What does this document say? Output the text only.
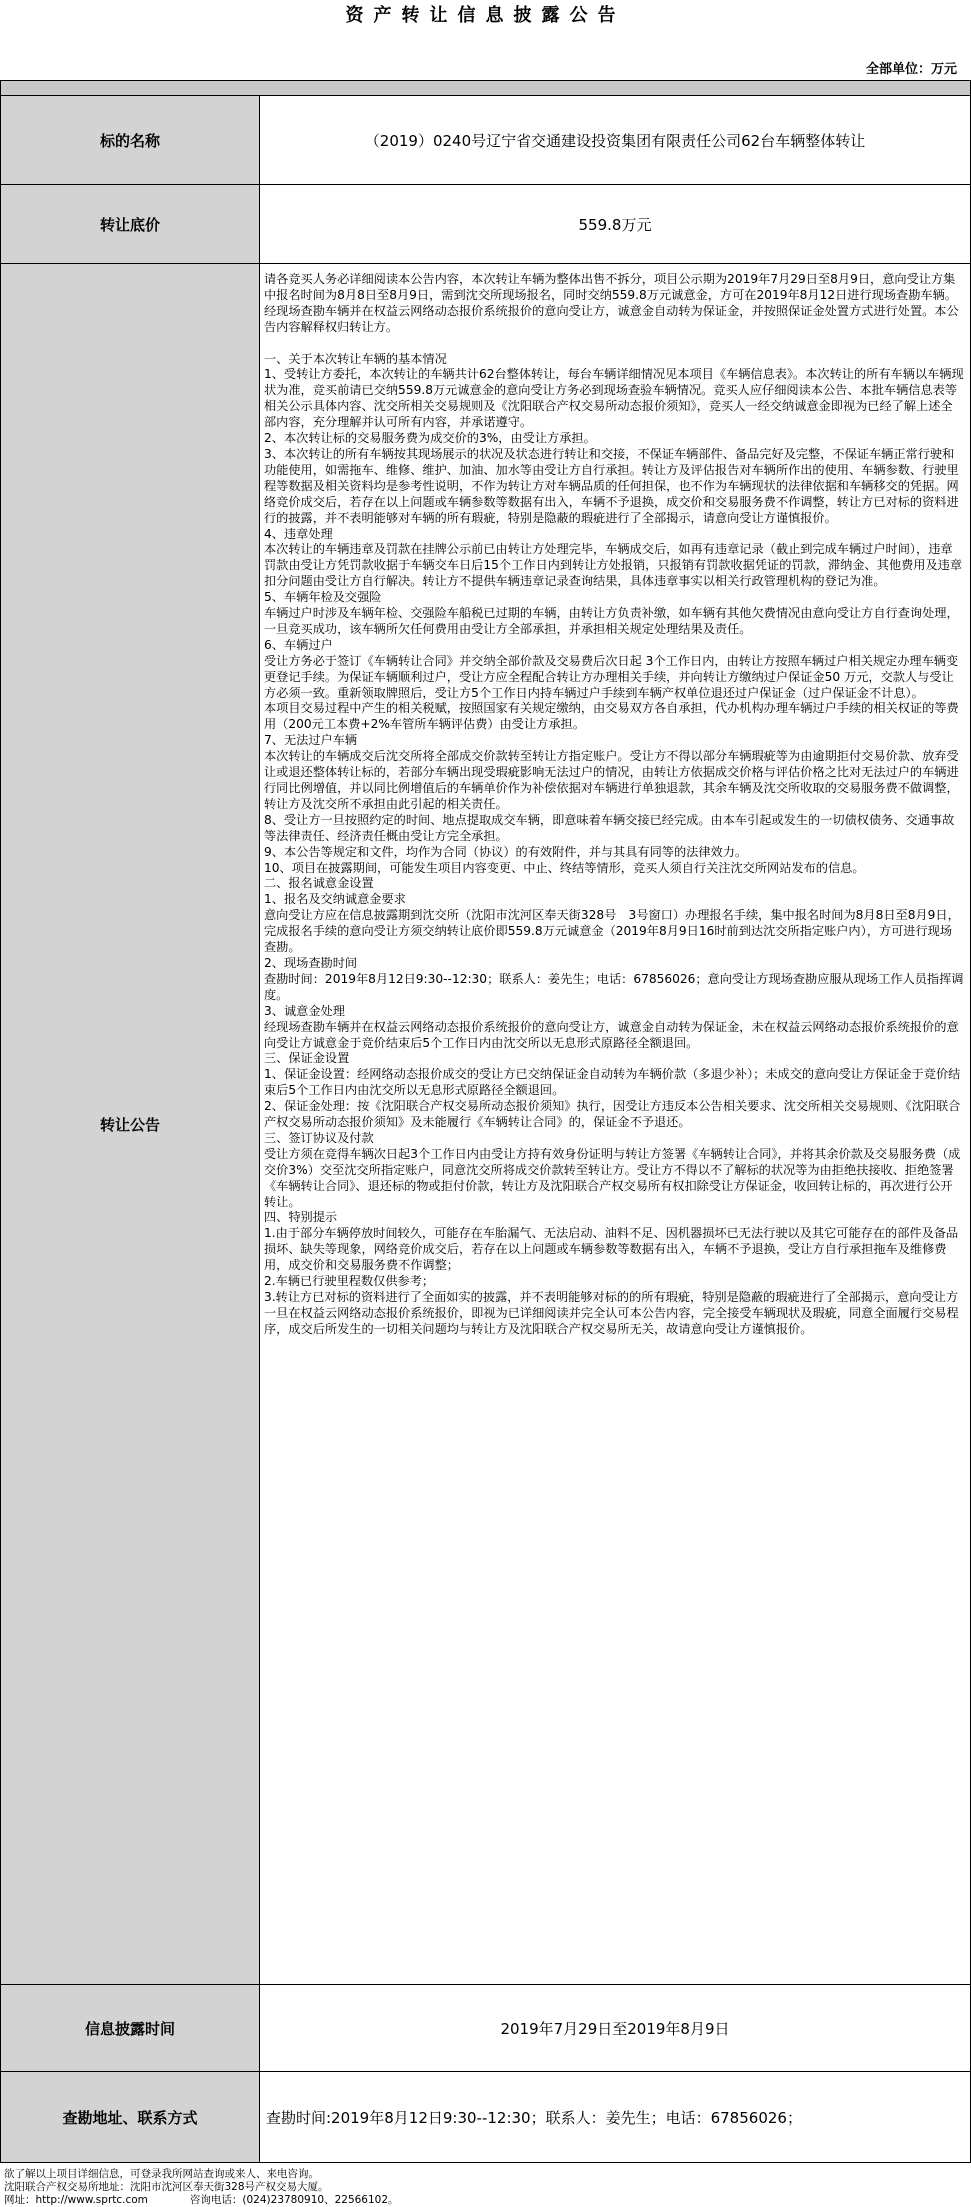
资产转让信息披露公告
全部单位：万元
标的名称	（2019）0240号辽宁省交通建设投资集团有限责任公司62台车辆整体转让
转让底价	559.8万元
转让公告

请各竞买人务必详细阅读本公告内容，本次转让车辆为整体出售不拆分，项目公示期为2019年7月29日至8月9日，意向受让方集中报名时间为8月8日至8月9日，需到沈交所现场报名，同时交纳559.8万元诚意金，方可在2019年8月12日进行现场查勘车辆。经现场查勘车辆并在权益云网络动态报价系统报价的意向受让方，诚意金自动转为保证金，并按照保证金处置方式进行处置。本公告内容解释权归转让方。

一、关于本次转让车辆的基本情况

1、受转让方委托，本次转让的车辆共计62台整体转让，每台车辆详细情况见本项目《车辆信息表》。本次转让的所有车辆以车辆现状为准，竞买前请已交纳559.8万元诚意金的意向受让方务必到现场查验车辆情况。竞买人应仔细阅读本公告、本批车辆信息表等相关公示具体内容、沈交所相关交易规则及《沈阳联合产权交易所动态报价须知》，竞买人一经交纳诚意金即视为已经了解上述全部内容，充分理解并认可所有内容，并承诺遵守。

2、本次转让标的交易服务费为成交价的3%，由受让方承担。

3、本次转让的所有车辆按其现场展示的状况及状态进行转让和交接，不保证车辆部件、备品完好及完整，不保证车辆正常行驶和功能使用，如需拖车、维修、维护、加油、加水等由受让方自行承担。转让方及评估报告对车辆所作出的使用、车辆参数、行驶里程等数据及相关资料均是参考性说明，不作为转让方对车辆品质的任何担保，也不作为车辆现状的法律依据和车辆移交的凭据。网络竞价成交后，若存在以上问题或车辆参数等数据有出入，车辆不予退换，成交价和交易服务费不作调整，转让方已对标的资料进行的披露，并不表明能够对车辆的所有瑕疵，特别是隐蔽的瑕疵进行了全部揭示，请意向受让方谨慎报价。

4、违章处理

本次转让的车辆违章及罚款在挂牌公示前已由转让方处理完毕，车辆成交后，如再有违章记录（截止到完成车辆过户时间），违章罚款由受让方凭罚款收据于车辆交车日后15个工作日内到转让方处报销，只报销有罚款收据凭证的罚款，滞纳金、其他费用及违章扣分问题由受让方自行解决。转让方不提供车辆违章记录查询结果，具体违章事实以相关行政管理机构的登记为准。

5、车辆年检及交强险

车辆过户时涉及车辆年检、交强险车船税已过期的车辆，由转让方负责补缴，如车辆有其他欠费情况由意向受让方自行查询处理，一旦竞买成功，该车辆所欠任何费用由受让方全部承担，并承担相关规定处理结果及责任。

6、车辆过户

受让方务必于签订《车辆转让合同》并交纳全部价款及交易费后次日起 3个工作日内，由转让方按照车辆过户相关规定办理车辆变更登记手续。为保证车辆顺利过户，受让方应全程配合转让方办理相关手续，并向转让方缴纳过户保证金50 万元，交款人与受让方必须一致。重新领取牌照后，受让方5个工作日内持车辆过户手续到车辆产权单位退还过户保证金（过户保证金不计息）。

本项目交易过程中产生的相关税赋，按照国家有关规定缴纳，由交易双方各自承担，代办机构办理车辆过户手续的相关权证的等费用（200元工本费+2%车管所车辆评估费）由受让方承担。

7、无法过户车辆

本次转让的车辆成交后沈交所将全部成交价款转至转让方指定账户。受让方不得以部分车辆瑕疵等为由逾期拒付交易价款、放弃受让或退还整体转让标的，若部分车辆出现受瑕疵影响无法过户的情况，由转让方依据成交价格与评估价格之比对无法过户的车辆进行同比例增值，并以同比例增值后的车辆单价作为补偿依据对车辆进行单独退款，其余车辆及沈交所收取的交易服务费不做调整，转让方及沈交所不承担由此引起的相关责任。

8、受让方一旦按照约定的时间、地点提取成交车辆，即意味着车辆交接已经完成。由本车引起或发生的一切债权债务、交通事故等法律责任、经济责任概由受让方完全承担。

9、本公告等规定和文件，均作为合同（协议）的有效附件，并与其具有同等的法律效力。

10、项目在披露期间，可能发生项目内容变更、中止、终结等情形，竞买人须自行关注沈交所网站发布的信息。

二、报名诚意金设置

1、报名及交纳诚意金要求

意向受让方应在信息披露期到沈交所（沈阳市沈河区奉天街328号　3号窗口）办理报名手续，集中报名时间为8月8日至8月9日，完成报名手续的意向受让方须交纳转让底价即559.8万元诚意金（2019年8月9日16时前到达沈交所指定账户内），方可进行现场查勘。

2、现场查勘时间

查勘时间：2019年8月12日9:30--12:30；联系人：姜先生；电话：67856026；意向受让方现场查勘应服从现场工作人员指挥调度。

3、诚意金处理

经现场查勘车辆并在权益云网络动态报价系统报价的意向受让方，诚意金自动转为保证金，未在权益云网络动态报价系统报价的意向受让方诚意金于竞价结束后5个工作日内由沈交所以无息形式原路径全额退回。

三、保证金设置

1、保证金设置：经网络动态报价成交的受让方已交纳保证金自动转为车辆价款（多退少补）；未成交的意向受让方保证金于竞价结束后5个工作日内由沈交所以无息形式原路径全额退回。

2、保证金处理：按《沈阳联合产权交易所动态报价须知》执行，因受让方违反本公告相关要求、沈交所相关交易规则、《沈阳联合产权交易所动态报价须知》及未能履行《车辆转让合同》的，保证金不予退还。

三、签订协议及付款

受让方须在竞得车辆次日起3个工作日内由受让方持有效身份证明与转让方签署《车辆转让合同》，并将其余价款及交易服务费（成交价3%）交至沈交所指定账户，同意沈交所将成交价款转至转让方。受让方不得以不了解标的状况等为由拒绝扶接收、拒绝签署《车辆转让合同》、退还标的物或拒付价款，转让方及沈阳联合产权交易所有权扣除受让方保证金，收回转让标的，再次进行公开转让。

四、特别提示

1.由于部分车辆停放时间较久，可能存在车胎漏气、无法启动、油料不足、因机器损坏已无法行驶以及其它可能存在的部件及备品损坏、缺失等现象，网络竞价成交后，若存在以上问题或车辆参数等数据有出入，车辆不予退换，受让方自行承担拖车及维修费用，成交价和交易服务费不作调整；

2.车辆已行驶里程数仅供参考；

3.转让方已对标的资料进行了全面如实的披露，并不表明能够对标的的所有瑕疵，特别是隐蔽的瑕疵进行了全部揭示，意向受让方一旦在权益云网络动态报价系统报价，即视为已详细阅读并完全认可本公告内容，完全接受车辆现状及瑕疵，同意全面履行交易程序，成交后所发生的一切相关问题均与转让方及沈阳联合产权交易所无关，故请意向受让方谨慎报价。

信息披露时间	2019年7月29日至2019年8月9日
查勘地址、联系方式	查勘时间:2019年8月12日9:30--12:30；联系人：姜先生；电话：67856026；

欲了解以上项目详细信息，可登录我所网站查询或来人、来电咨询。

沈阳联合产权交易所地址：沈阳市沈河区奉天街328号产权交易大厦。

网址：http://www.sprtc.com　　　　咨询电话：(024)23780910、22566102。
